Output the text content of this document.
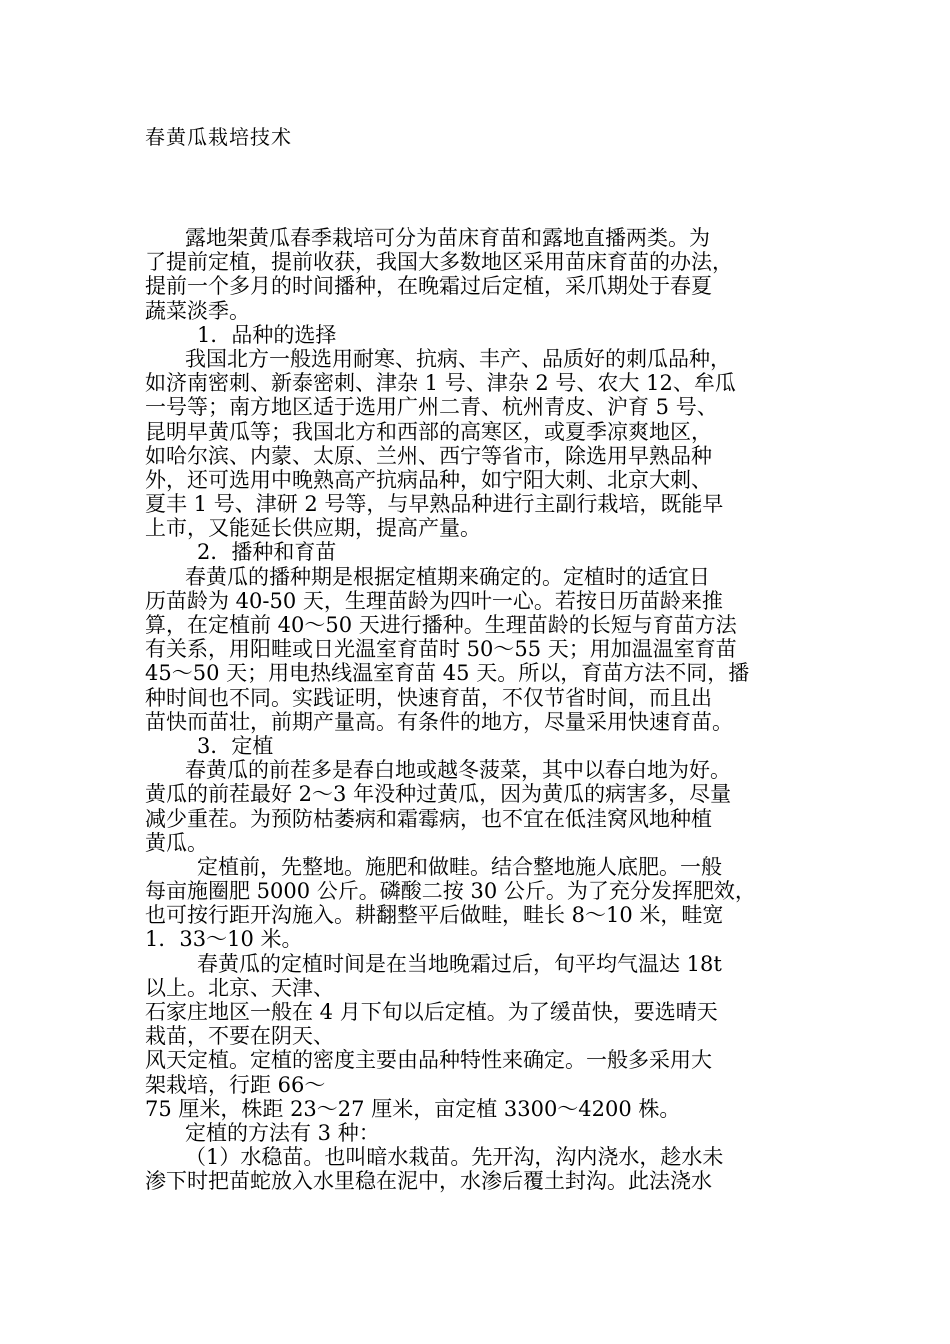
春黄瓜栽培技术
露地架黄瓜春季栽培可分为苗床育苗和露地直播两类。为
了提前定植，提前收获，我国大多数地区采用苗床育苗的办法，
提前一个多月的时间播种，在晚霜过后定植，采爪期处于春夏
蔬菜淡季。
1．品种的选择
我国北方一般选用耐寒、抗病、丰产、品质好的刺瓜品种，
如济南密刺、新泰密刺、津杂 1 号、津杂 2 号、农大 12、牟瓜
一号等；南方地区适于选用广州二青、杭州青皮、沪育 5 号、
昆明早黄瓜等；我国北方和西部的高寒区，或夏季凉爽地区，
如哈尔滨、内蒙、太原、兰州、西宁等省市，除选用早熟品种
外，还可选用中晚熟高产抗病品种，如宁阳大刺、北京大刺、
夏丰 1 号、津研 2 号等，与早熟品种进行主副行栽培，既能早
上市，又能延长供应期，提高产量。
2．播种和育苗
春黄瓜的播种期是根据定植期来确定的。定植时的适宜日
历苗龄为 40-50 天，生理苗龄为四叶一心。若按日历苗龄来推
算，在定植前 40～50 天进行播种。生理苗龄的长短与育苗方法
有关系，用阳畦或日光温室育苗时 50～55 天；用加温温室育苗
45～50 天；用电热线温室育苗 45 天。所以，育苗方法不同，播
种时间也不同。实践证明，快速育苗，不仅节省时间，而且出
苗快而苗壮，前期产量高。有条件的地方，尽量采用快速育苗。
3．定植
春黄瓜的前茬多是春白地或越冬菠菜，其中以春白地为好。
黄瓜的前茬最好 2～3 年没种过黄瓜，因为黄瓜的病害多，尽量
减少重茬。为预防枯萎病和霜霉病，也不宜在低洼窝风地种植
黄瓜。
定植前，先整地。施肥和做畦。结合整地施人底肥。一般
每亩施圈肥 5000 公斤。磷酸二按 30 公斤。为了充分发挥肥效，
也可按行距开沟施入。耕翻整平后做畦，畦长 8～10 米，畦宽
1．33～10 米。
春黄瓜的定植时间是在当地晚霜过后，旬平均气温达 18t
以上。北京、天津、
石家庄地区一般在 4 月下旬以后定植。为了缓苗快，要选晴天
栽苗，不要在阴天、
风天定植。定植的密度主要由品种特性来确定。一般多采用大
架栽培，行距 66～
75 厘米，株距 23～27 厘米，亩定植 3300～4200 株。
定植的方法有 3 种：
（1）水稳苗。也叫暗水栽苗。先开沟，沟内浇水，趁水未
渗下时把苗蛇放入水里稳在泥中，水渗后覆土封沟。此法浇水
